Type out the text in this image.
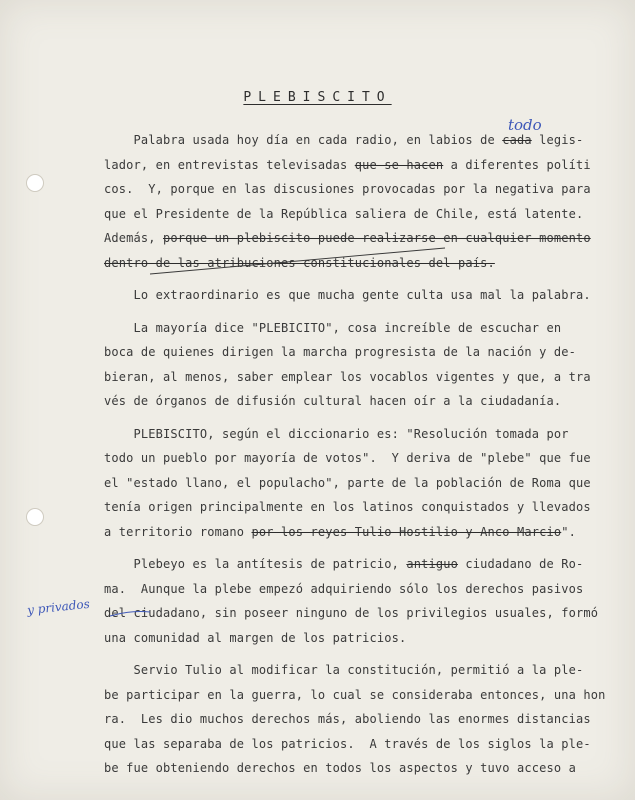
PLEBISCITO
todo
y privados
Palabra usada hoy día en cada radio, en labios de cada legis-
lador, en entrevistas televisadas que se hacen a diferentes políti
cos.  Y, porque en las discusiones provocadas por la negativa para
que el Presidente de la República saliera de Chile, está latente.
Además, porque un plebiscito puede realizarse en cualquier momento
dentro de las atribuciones constitucionales del país.
Lo extraordinario es que mucha gente culta usa mal la palabra.
La mayoría dice "PLEBICITO", cosa increíble de escuchar en
boca de quienes dirigen la marcha progresista de la nación y de-
bieran, al menos, saber emplear los vocablos vigentes y que, a tra
vés de órganos de difusión cultural hacen oír a la ciudadanía.
PLEBISCITO, según el diccionario es: "Resolución tomada por
todo un pueblo por mayoría de votos".  Y deriva de "plebe" que fue
el "estado llano, el populacho", parte de la población de Roma que
tenía origen principalmente en los latinos conquistados y llevados
a territorio romano por los reyes Tulio Hostilio y Anco Marcio".
Plebeyo es la antítesis de patricio, antiguo ciudadano de Ro-
ma.  Aunque la plebe empezó adquiriendo sólo los derechos pasivos
del ciudadano, sin poseer ninguno de los privilegios usuales, formó
una comunidad al margen de los patricios.
Servio Tulio al modificar la constitución, permitió a la ple-
be participar en la guerra, lo cual se consideraba entonces, una hon
ra.  Les dio muchos derechos más, aboliendo las enormes distancias
que las separaba de los patricios.  A través de los siglos la ple-
be fue obteniendo derechos en todos los aspectos y tuvo acceso a
